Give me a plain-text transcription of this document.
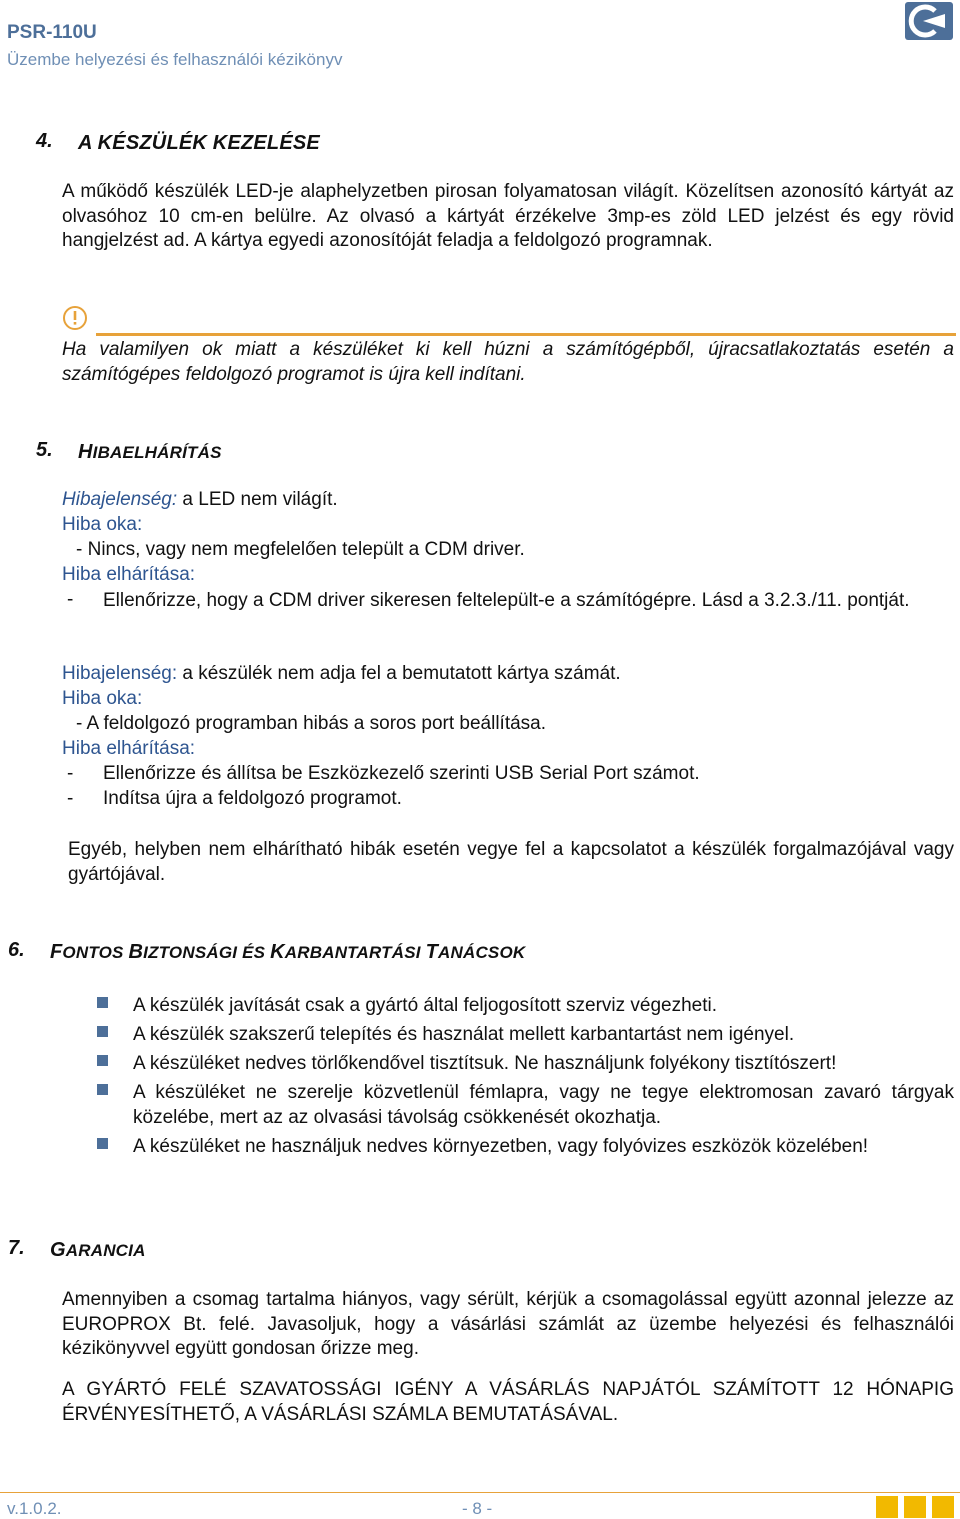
PSR-110U
Üzembe helyezési és felhasználói kézikönyv
4. A KÉSZÜLÉK KEZELÉSE
A működő készülék LED-je alaphelyzetben pirosan folyamatosan világít. Közelítsen azonosító kártyát az olvasóhoz 10 cm-en belülre. Az olvasó a kártyát érzékelve 3mp-es zöld LED jelzést és egy rövid hangjelzést ad. A kártya egyedi azonosítóját feladja a feldolgozó programnak.
Ha valamilyen ok miatt a készüléket ki kell húzni a számítógépből, újracsatlakoztatás esetén a számítógépes feldolgozó programot is újra kell indítani.
5. HIBAELHÁRÍTÁS
Hibajelenség: a LED nem világít.
Hiba oka:
- Nincs, vagy nem megfelelően települt a CDM driver.
Hiba elhárítása:
- Ellenőrizze, hogy a CDM driver sikeresen feltelepült-e a számítógépre. Lásd a 3.2.3./11. pontját.
Hibajelenség: a készülék nem adja fel a bemutatott kártya számát.
Hiba oka:
- A feldolgozó programban hibás a soros port beállítása.
Hiba elhárítása:
- Ellenőrizze és állítsa be Eszközkezelő szerinti USB Serial Port számot.
- Indítsa újra a feldolgozó programot.
Egyéb, helyben nem elhárítható hibák esetén vegye fel a kapcsolatot a készülék forgalmazójával vagy gyártójával.
6. FONTOS BIZTONSÁGI ÉS KARBANTARTÁSI TANÁCSOK
A készülék javítását csak a gyártó által feljogosított szerviz végezheti.
A készülék szakszerű telepítés és használat mellett karbantartást nem igényel.
A készüléket nedves törlőkendővel tisztítsuk. Ne használjunk folyékony tisztítószert!
A készüléket ne szerelje közvetlenül fémlapra, vagy ne tegye elektromosan zavaró tárgyak közelébe, mert az az olvasási távolság csökkenését okozhatja.
A készüléket ne használjuk nedves környezetben, vagy folyóvizes eszközök közelében!
7. GARANCIA
Amennyiben a csomag tartalma hiányos, vagy sérült, kérjük a csomagolással együtt azonnal jelezze az EUROPROX Bt. felé. Javasoljuk, hogy a vásárlási számlát az üzembe helyezési és felhasználói kézikönyvvel együtt gondosan őrizze meg.
A GYÁRTÓ FELÉ SZAVATOSSÁGI IGÉNY A VÁSÁRLÁS NAPJÁTÓL SZÁMÍTOTT 12 HÓNAPIG ÉRVÉNYESÍTHETŐ, A VÁSÁRLÁSI SZÁMLA BEMUTATÁSÁVAL.
v.1.0.2.	- 8 -
